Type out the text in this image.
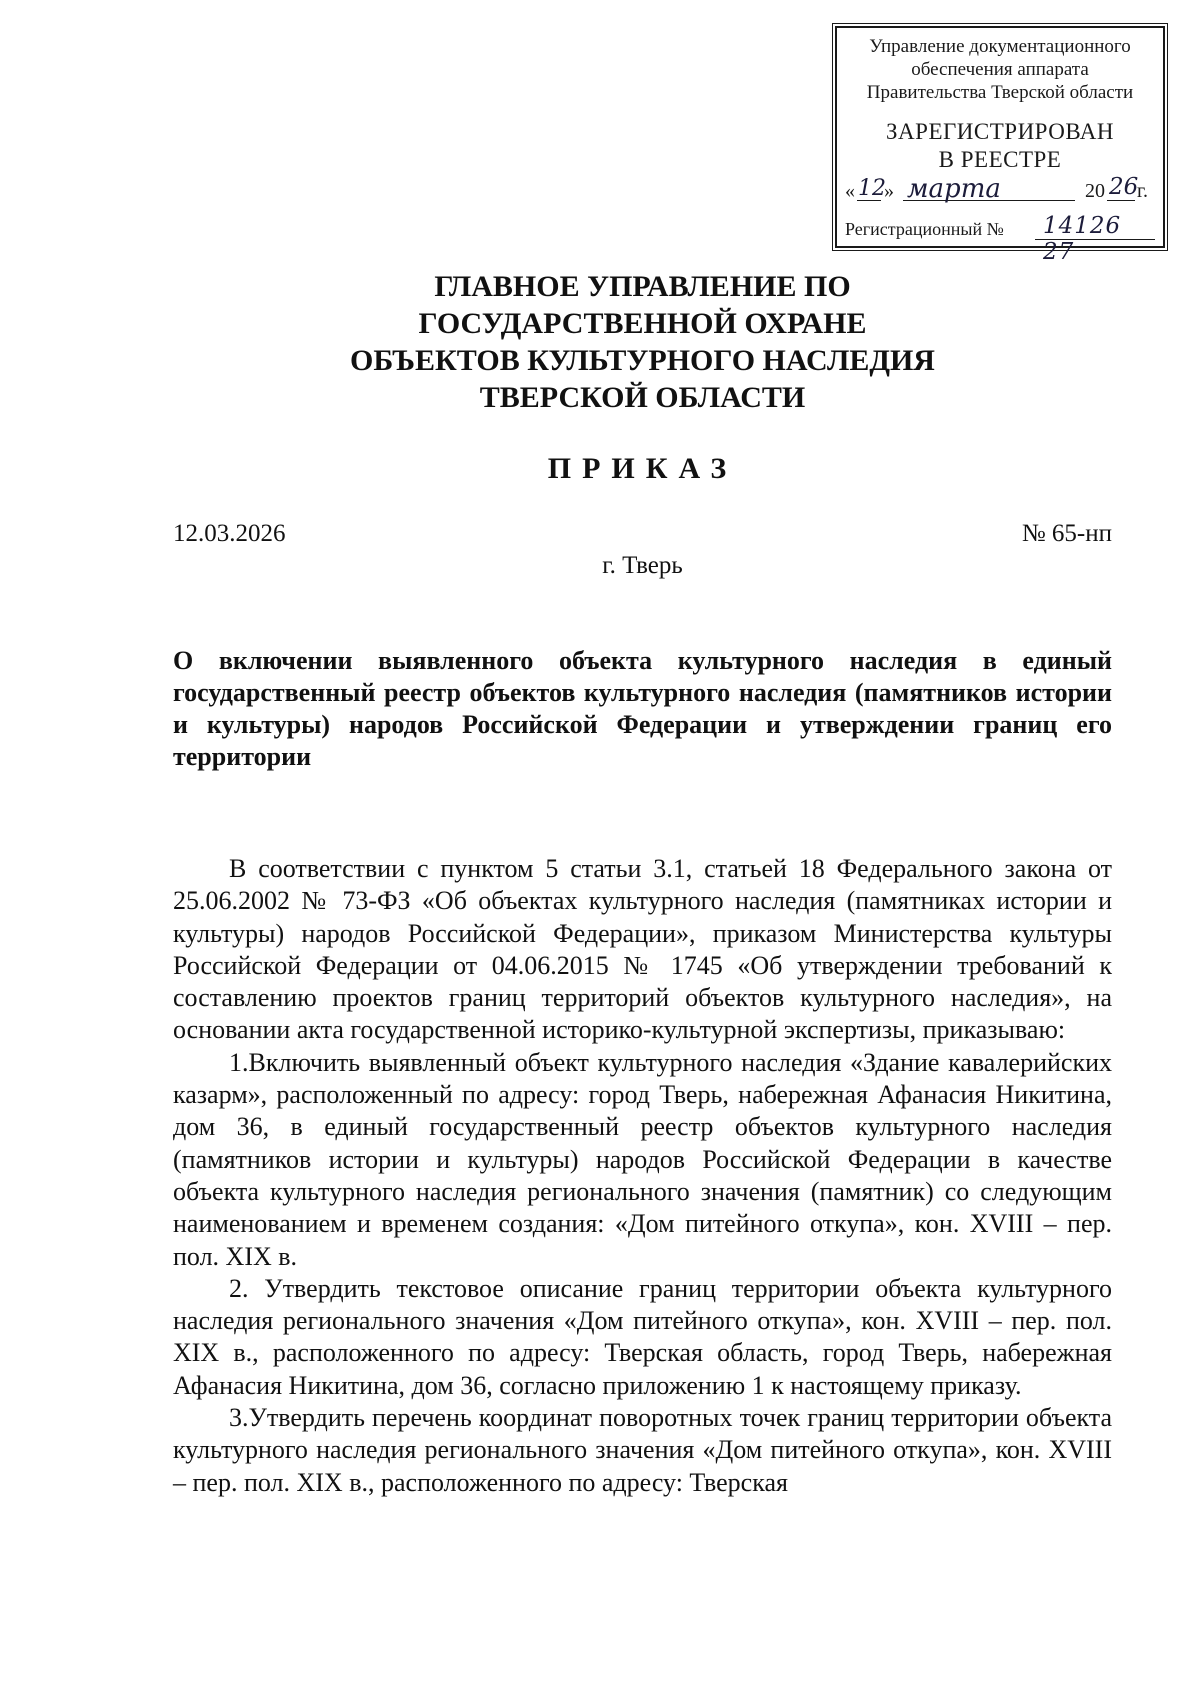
Управление документационного
обеспечения аппарата
Правительства Тверской области
ЗАРЕГИСТРИРОВАН
В РЕЕСТРЕ
« 12
» марта	20 26
г.
Регистрационный № 14126 27
ГЛАВНОЕ УПРАВЛЕНИЕ ПО
ГОСУДАРСТВЕННОЙ ОХРАНЕ
ОБЪЕКТОВ КУЛЬТУРНОГО НАСЛЕДИЯ
ТВЕРСКОЙ ОБЛАСТИ
ПРИКАЗ
12.03.2026	№ 65-нп
г. Тверь

О включении выявленного объекта культурного наследия в единый государственный реестр объектов культурного наследия (памятников истории и культуры) народов Российской Федерации и утверждении границ его территории

В соответствии с пунктом 5 статьи 3.1, статьей 18 Федерального закона от 25.06.2002 № 73-ФЗ «Об объектах культурного наследия (памятниках истории и культуры) народов Российской Федерации», приказом Министерства культуры Российской Федерации от 04.06.2015 № 1745 «Об утверждении требований к составлению проектов границ территорий объектов культурного наследия», на основании акта государственной историко-культурной экспертизы, приказываю:

1.Включить выявленный объект культурного наследия «Здание кавалерийских казарм», расположенный по адресу: город Тверь, набережная Афанасия Никитина, дом 36, в единый государственный реестр объектов культурного наследия (памятников истории и культуры) народов Российской Федерации в качестве объекта культурного наследия регионального значения (памятник) со следующим наименованием и временем создания: «Дом питейного откупа», кон. XVIII – пер. пол. XIX в.

2. Утвердить текстовое описание границ территории объекта культурного наследия регионального значения «Дом питейного откупа», кон. XVIII – пер. пол. XIX в., расположенного по адресу: Тверская область, город Тверь, набережная Афанасия Никитина, дом 36, согласно приложению 1 к настоящему приказу.

3.Утвердить перечень координат поворотных точек границ территории объекта культурного наследия регионального значения «Дом питейного откупа», кон. XVIII – пер. пол. XIX в., расположенного по адресу: Тверская
